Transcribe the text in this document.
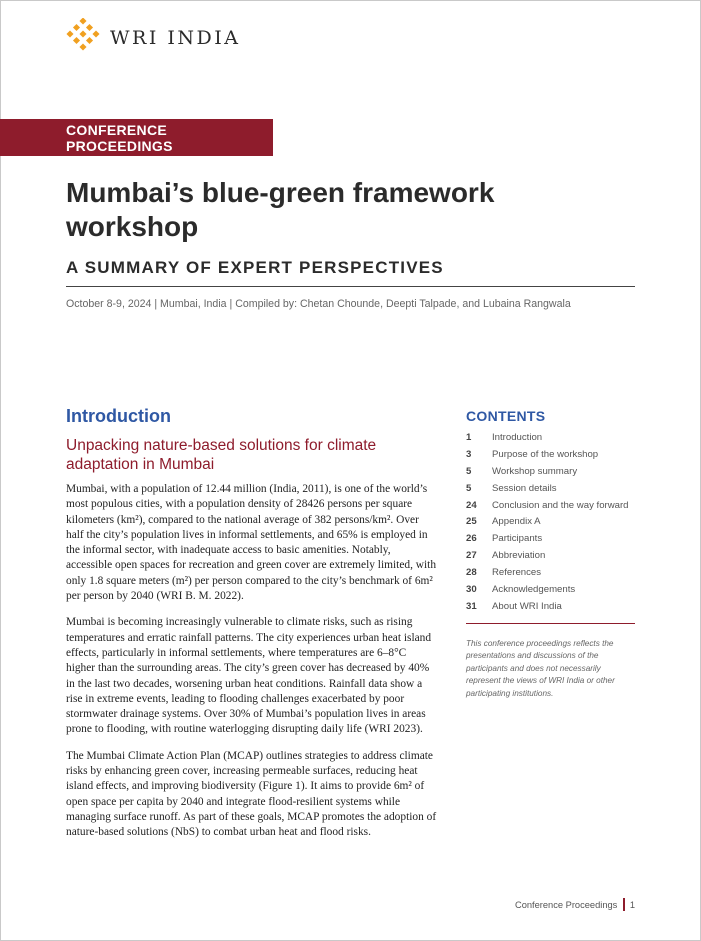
WRI INDIA
CONFERENCE PROCEEDINGS
Mumbai’s blue-green framework workshop
A SUMMARY OF EXPERT PERSPECTIVES
October 8-9, 2024 | Mumbai, India | Compiled by: Chetan Chounde, Deepti Talpade, and Lubaina Rangwala
Introduction
Unpacking nature-based solutions for climate adaptation in Mumbai

Mumbai, with a population of 12.44 million (India, 2011), is one of the world’s most populous cities, with a population density of 28426 persons per square kilometers (km²), compared to the national average of 382 persons/km². Over half the city’s population lives in informal settlements, and 65% is employed in the informal sector, with inadequate access to basic amenities. Notably, accessible open spaces for recreation and green cover are extremely limited, with only 1.8 square meters (m²) per person compared to the city’s benchmark of 6m² per person by 2040 (WRI B. M. 2022).

Mumbai is becoming increasingly vulnerable to climate risks, such as rising temperatures and erratic rainfall patterns. The city experiences urban heat island effects, particularly in informal settlements, where temperatures are 6–8°C higher than the surrounding areas. The city’s green cover has decreased by 40% in the last two decades, worsening urban heat conditions. Rainfall data show a rise in extreme events, leading to flooding challenges exacerbated by poor stormwater drainage systems. Over 30% of Mumbai’s population lives in areas prone to flooding, with routine waterlogging disrupting daily life (WRI 2023).

The Mumbai Climate Action Plan (MCAP) outlines strategies to address climate risks by enhancing green cover, increasing permeable surfaces, reducing heat island effects, and improving biodiversity (Figure 1). It aims to provide 6m² of open space per capita by 2040 and integrate flood-resilient systems while managing surface runoff. As part of these goals, MCAP promotes the adoption of nature-based solutions (NbS) to combat urban heat and flood risks.

CONTENTS
1	Introduction
3	Purpose of the workshop
5	Workshop summary
5	Session details
24	Conclusion and the way forward
25	Appendix A
26	Participants
27	Abbreviation
28	References
30	Acknowledgements
31	About WRI India
This conference proceedings reflects the presentations and discussions of the participants and does not necessarily represent the views of WRI India or other participating institutions.
Conference Proceedings 1
